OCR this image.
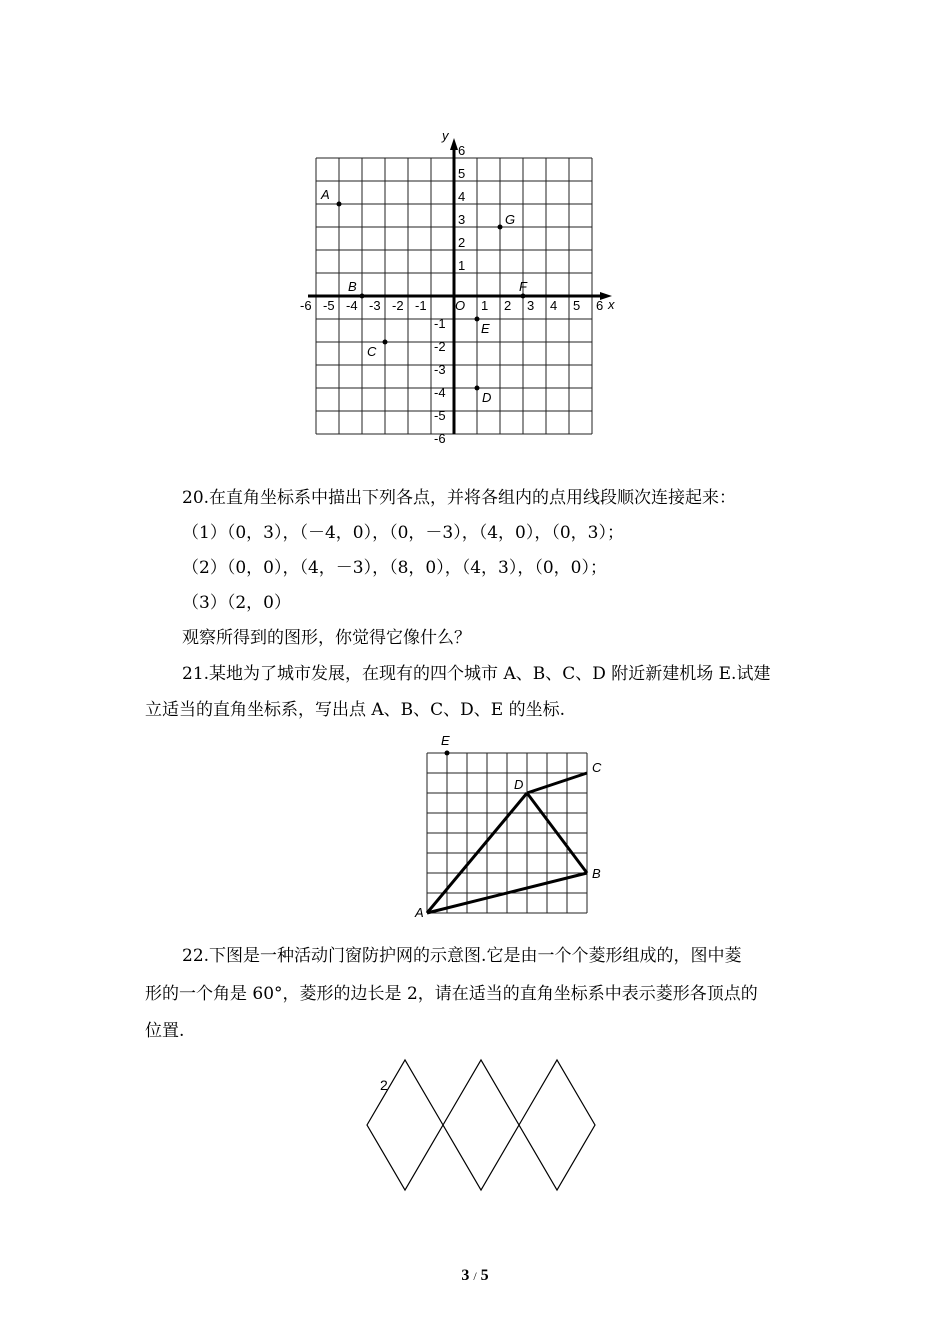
x
y
O
-6 -5 -4 -3 -2 -1	1 2 3 4 5 6
6
5
4
3
2
1
-1
-2
-3
-4
-5
-6
A
B
C
D
E
F
G
20.在直角坐标系中描出下列各点，并将各组内的点用线段顺次连接起来：
（1）（0，3），（－4，0），（0，－3），（4，0），（0，3）；
（2）（0，0），（4，－3），（8，0），（4，3），（0，0）；
（3）（2，0）
观察所得到的图形，你觉得它像什么？
21.某地为了城市发展，在现有的四个城市 A、B、C、D 附近新建机场 E.试建
立适当的直角坐标系，写出点 A、B、C、D、E 的坐标.
A
B
C
D
E
22.下图是一种活动门窗防护网的示意图.它是由一个个菱形组成的，图中菱
形的一个角是 60°，菱形的边长是 2，请在适当的直角坐标系中表示菱形各顶点的
位置.
2
3 / 5
